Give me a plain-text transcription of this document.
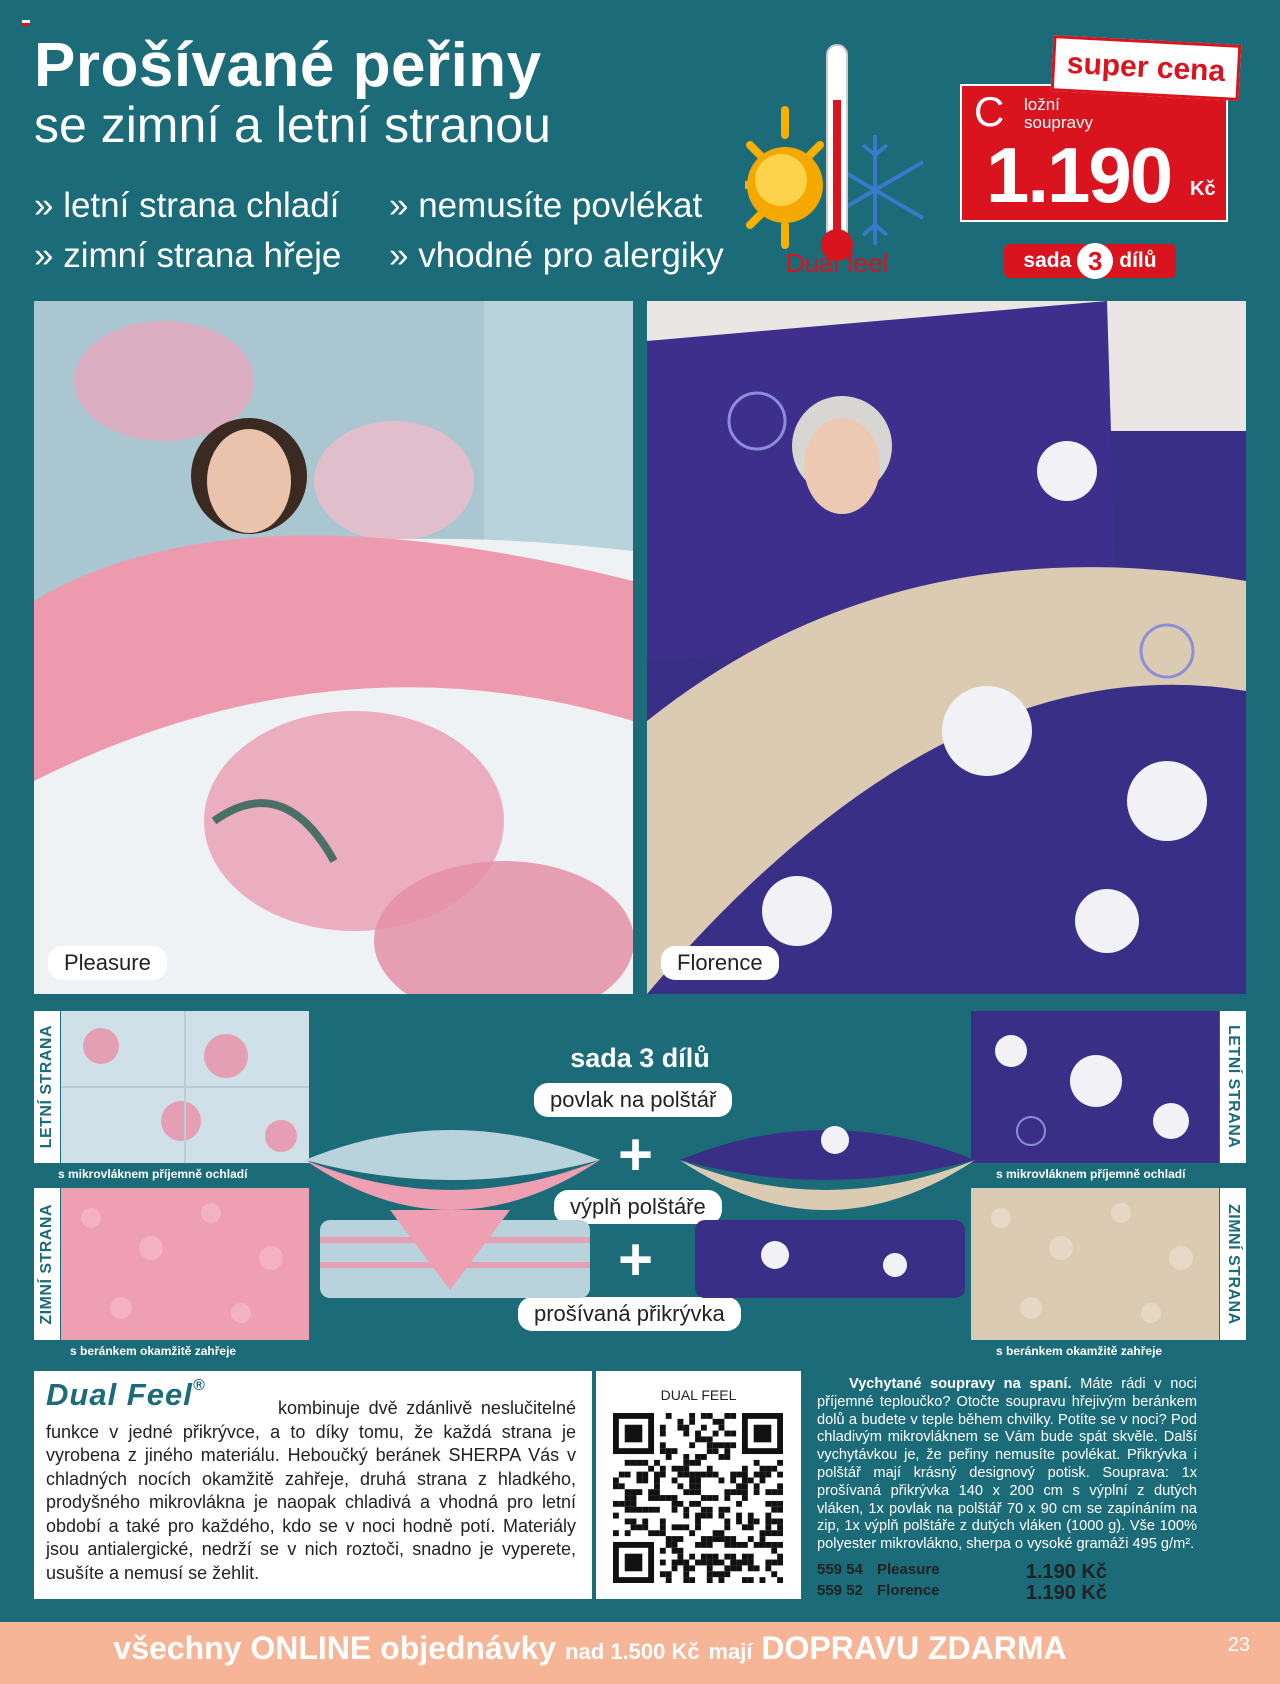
Prošívané peřiny
se zimní a letní stranou
» letní strana chladí	» nemusíte povlékat
» zimní strana hřeje	» vhodné pro alergiky	Dual feel
C ložní soupravy
1.190 Kč
super cena
sada 3 dílů
Pleasure	Florence
LETNÍ STRANA
s mikrovláknem příjemně ochladí
ZIMNÍ STRANA
s beránkem okamžitě zahřeje
LETNÍ STRANA
s mikrovláknem příjemně ochladí
ZIMNÍ STRANA
s beránkem okamžitě zahřeje
sada 3 dílů
povlak na polštář
+
výplň polštáře
+
prošívaná přikrývka
Dual Feel®
kombinuje dvě zdánlivě neslučitelné funkce v jedné přikrývce, a to díky tomu, že každá strana je vyrobena z jiného materiálu. Heboučký beránek SHERPA Vás v chladných nocích okamžitě zahřeje, druhá strana z hladkého, prodyšného mikrovlákna je naopak chladivá a vhodná pro letní období a také pro každého, kdo se v noci hodně potí. Materiály jsou antialergické, nedrží se v nich roztoči, snadno je vyperete, usušíte a nemusí se žehlit.
DUAL FEEL	C Vychytané soupravy na spaní. Máte rádi v noci příjemné teploučko? Otočte soupravu hřejivým beránkem dolů a budete v teple během chvilky. Potíte se v noci? Pod chladivým mikrovláknem se Vám bude spát skvěle. Další vychytávkou je, že peřiny nemusíte povlékat. Přikrývka i polštář mají krásný designový potisk. Souprava: 1x prošívaná přikrývka 140 x 200 cm s výplní z dutých vláken, 1x povlak na polštář 70 x 90 cm se zapínáním na zip, 1x výplň polštáře z dutých vláken (1000 g). Vše 100% polyester mikrovlákno, sherpa o vysoké gramáži 495 g/m².
559 54 Pleasure	1.190 Kč
559 52 Florence	1.190 Kč
všechny ONLINE objednávky nad 1.500 Kč mají DOPRAVU ZDARMA	23
